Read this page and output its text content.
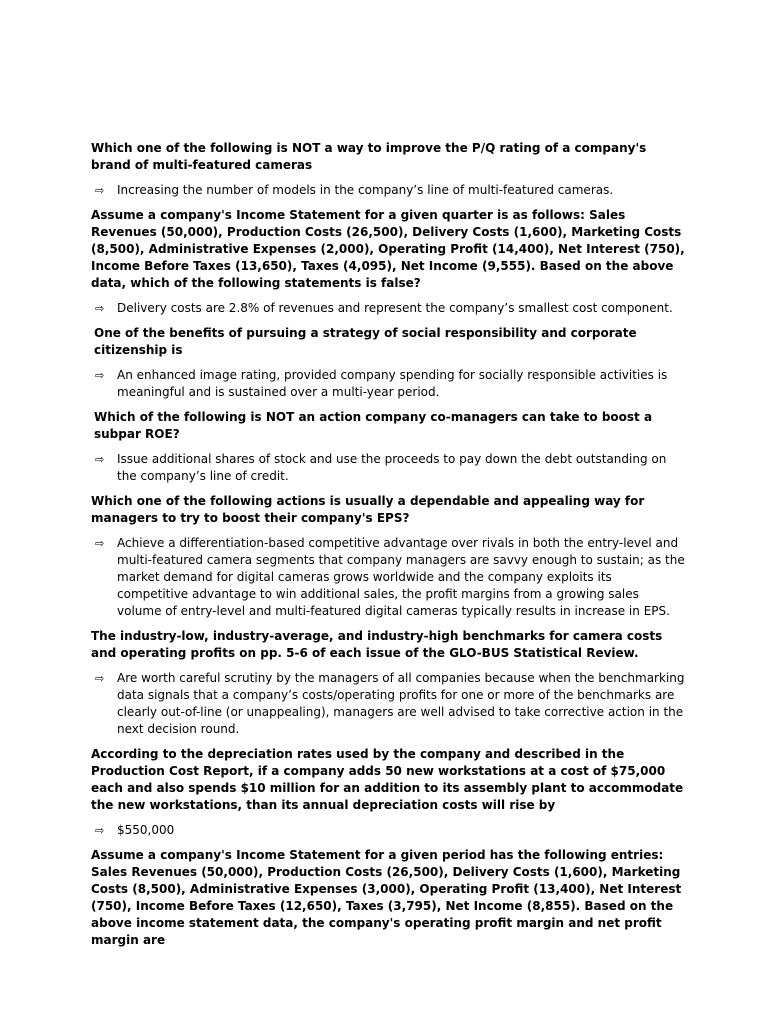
Which one of the following is NOT a way to improve the P/Q rating of a company's brand of multi-featured cameras

⇨ Increasing the number of models in the company’s line of multi-featured cameras.

Assume a company's Income Statement for a given quarter is as follows: Sales Revenues (50,000), Production Costs (26,500), Delivery Costs (1,600), Marketing Costs (8,500), Administrative Expenses (2,000), Operating Profit (14,400), Net Interest (750), Income Before Taxes (13,650), Taxes (4,095), Net Income (9,555). Based on the above data, which of the following statements is false?

⇨ Delivery costs are 2.8% of revenues and represent the company’s smallest cost component.

One of the benefits of pursuing a strategy of social responsibility and corporate citizenship is

⇨ An enhanced image rating, provided company spending for socially responsible activities is meaningful and is sustained over a multi-year period.

Which of the following is NOT an action company co-managers can take to boost a subpar ROE?

⇨ Issue additional shares of stock and use the proceeds to pay down the debt outstanding on the company’s line of credit.

Which one of the following actions is usually a dependable and appealing way for managers to try to boost their company's EPS?

⇨ Achieve a differentiation-based competitive advantage over rivals in both the entry-level and multi-featured camera segments that company managers are savvy enough to sustain; as the market demand for digital cameras grows worldwide and the company exploits its competitive advantage to win additional sales, the profit margins from a growing sales volume of entry-level and multi-featured digital cameras typically results in increase in EPS.

The industry-low, industry-average, and industry-high benchmarks for camera costs and operating profits on pp. 5-6 of each issue of the GLO-BUS Statistical Review.

⇨ Are worth careful scrutiny by the managers of all companies because when the benchmarking data signals that a company’s costs/operating profits for one or more of the benchmarks are clearly out-of-line (or unappealing), managers are well advised to take corrective action in the next decision round.

According to the depreciation rates used by the company and described in the Production Cost Report, if a company adds 50 new workstations at a cost of $75,000 each and also spends $10 million for an addition to its assembly plant to accommodate the new workstations, than its annual depreciation costs will rise by

⇨ $550,000

Assume a company's Income Statement for a given period has the following entries: Sales Revenues (50,000), Production Costs (26,500), Delivery Costs (1,600), Marketing Costs (8,500), Administrative Expenses (3,000), Operating Profit (13,400), Net Interest (750), Income Before Taxes (12,650), Taxes (3,795), Net Income (8,855). Based on the above income statement data, the company's operating profit margin and net profit margin are
